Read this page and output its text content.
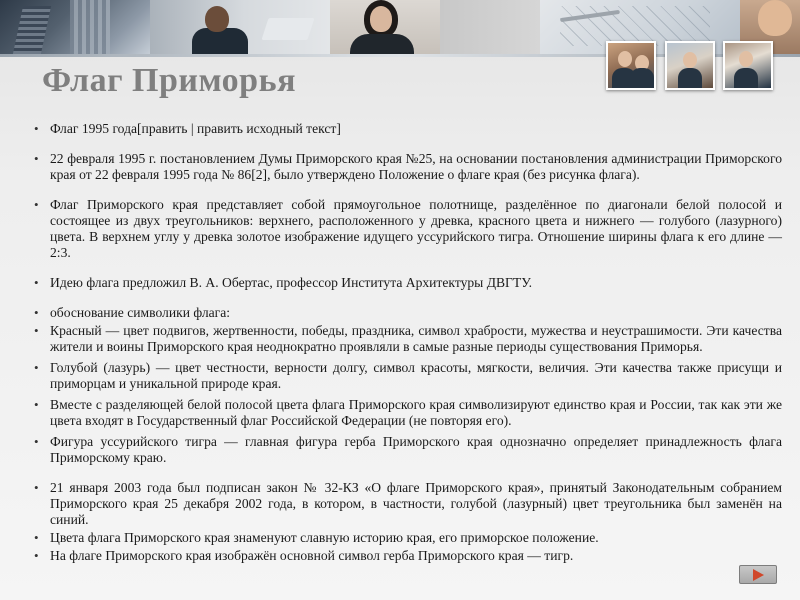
Флаг Приморья
• Флаг 1995 года[править | править исходный текст]
• 22 февраля 1995 г. постановлением Думы Приморского края №25, на основании постановления администрации Приморского края от 22 февраля 1995 года № 86[2], было утверждено Положение о флаге края (без рисунка флага).
• Флаг Приморского края представляет собой прямоугольное полотнище, разделённое по диагонали белой полосой и состоящее из двух треугольников: верхнего, расположенного у древка, красного цвета и нижнего — голубого (лазурного) цвета. В верхнем углу у древка золотое изображение идущего уссурийского тигра. Отношение ширины флага к его длине — 2:3.
• Идею флага предложил В. А. Обертас, профессор Института Архитектуры ДВГТУ.
• обоснование символики флага:
• Красный — цвет подвигов, жертвенности, победы, праздника, символ храбрости, мужества и неустрашимости. Эти качества жители и воины Приморского края неоднократно проявляли в самые разные периоды существования Приморья.
• Голубой (лазурь) — цвет честности, верности долгу, символ красоты, мягкости, величия. Эти качества также присущи и приморцам и уникальной природе края.
• Вместе с разделяющей белой полосой цвета флага Приморского края символизируют единство края и России, так как эти же цвета входят в Государственный флаг Российской Федерации (не повторяя его).
• Фигура уссурийского тигра — главная фигура герба Приморского края однозначно определяет принадлежность флага Приморскому краю.
• 21 января 2003 года был подписан закон № 32-КЗ «О флаге Приморского края», принятый Законодательным собранием Приморского края 25 декабря 2002 года, в котором, в частности, голубой (лазурный) цвет треугольника был заменён на синий.
• Цвета флага Приморского края знаменуют славную историю края, его приморское положение.
• На флаге Приморского края изображён основной символ герба Приморского края — тигр.
